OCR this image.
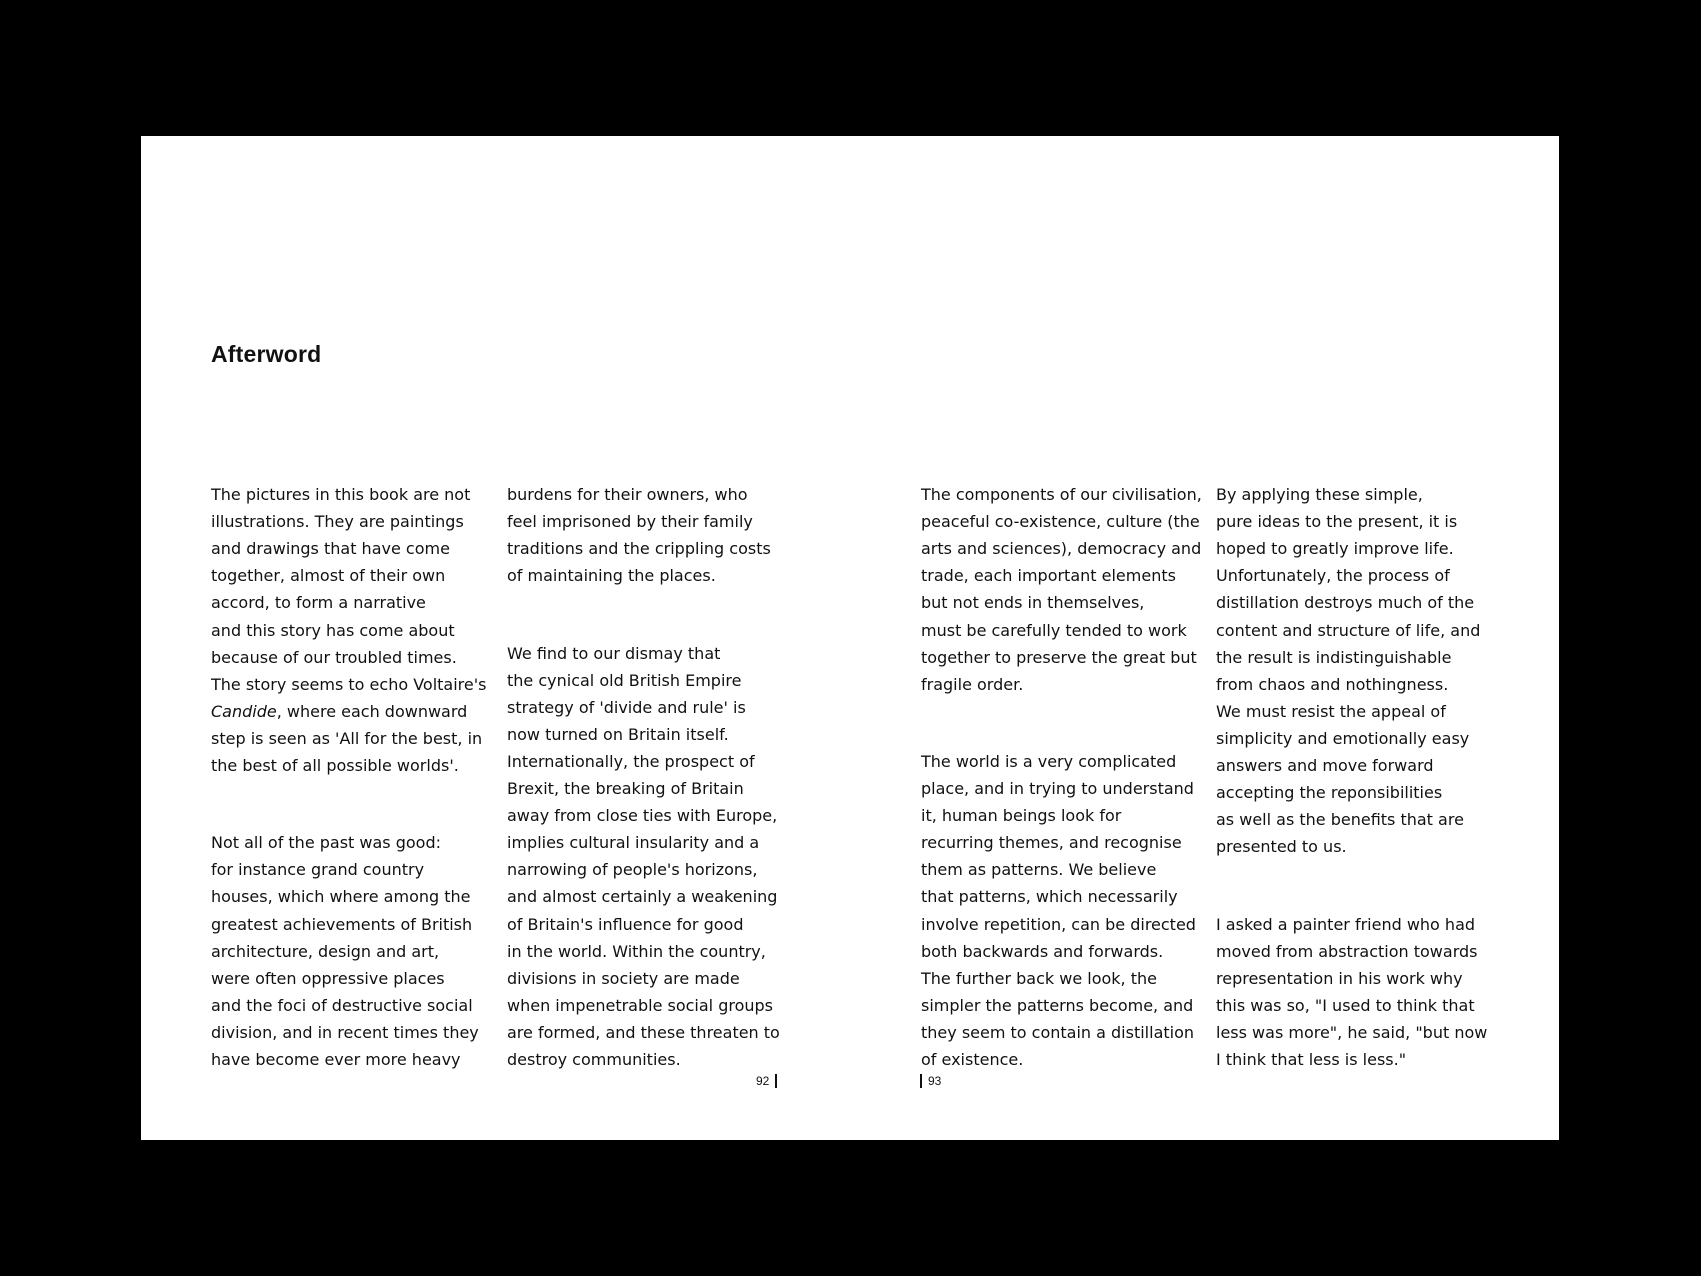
Afterword

The pictures in this book are not
illustrations. They are paintings
and drawings that have come
together, almost of their own
accord, to form a narrative
and this story has come about
because of our troubled times.
The story seems to echo Voltaire's
Candide, where each downward
step is seen as 'All for the best, in
the best of all possible worlds'.

Not all of the past was good:
for instance grand country
houses, which where among the
greatest achievements of British
architecture, design and art,
were often oppressive places
and the foci of destructive social
division, and in recent times they
have become ever more heavy

burdens for their owners, who
feel imprisoned by their family
traditions and the crippling costs
of maintaining the places.

We find to our dismay that
the cynical old British Empire
strategy of 'divide and rule' is
now turned on Britain itself.
Internationally, the prospect of
Brexit, the breaking of Britain
away from close ties with Europe,
implies cultural insularity and a
narrowing of people's horizons,
and almost certainly a weakening
of Britain's influence for good
in the world. Within the country,
divisions in society are made
when impenetrable social groups
are formed, and these threaten to
destroy communities.

The components of our civilisation,
peaceful co-existence, culture (the
arts and sciences), democracy and
trade, each important elements
but not ends in themselves,
must be carefully tended to work
together to preserve the great but
fragile order.

The world is a very complicated
place, and in trying to understand
it, human beings look for
recurring themes, and recognise
them as patterns. We believe
that patterns, which necessarily
involve repetition, can be directed
both backwards and forwards.
The further back we look, the
simpler the patterns become, and
they seem to contain a distillation
of existence.

By applying these simple,
pure ideas to the present, it is
hoped to greatly improve life.
Unfortunately, the process of
distillation destroys much of the
content and structure of life, and
the result is indistinguishable
from chaos and nothingness.
We must resist the appeal of
simplicity and emotionally easy
answers and move forward
accepting the reponsibilities
as well as the benefits that are
presented to us.

I asked a painter friend who had
moved from abstraction towards
representation in his work why
this was so, "I used to think that
less was more", he said, "but now
I think that less is less."

92	93
